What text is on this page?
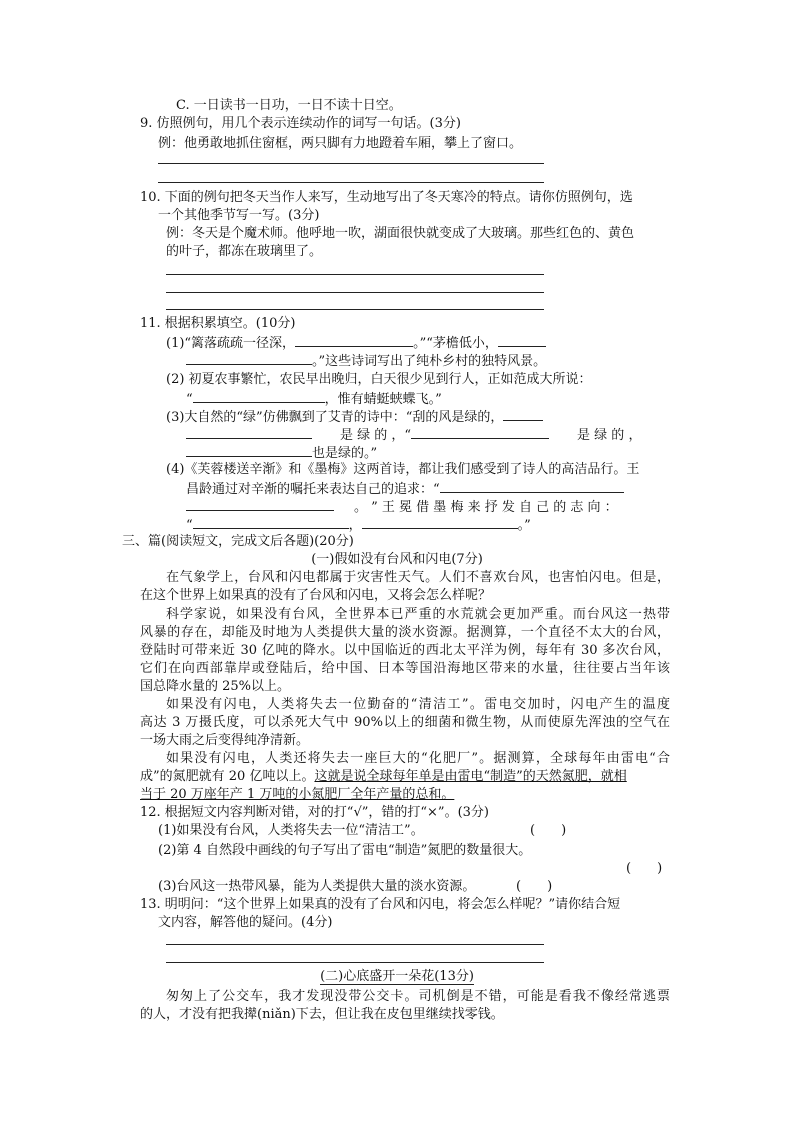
C. 一日读书一日功，一日不读十日空。
9. 仿照例句，用几个表示连续动作的词写一句话。(3分)
例：他勇敢地抓住窗框，两只脚有力地蹬着车厢，攀上了窗口。
10. 下面的例句把冬天当作人来写，生动地写出了冬天寒冷的特点。请你仿照例句，选
一个其他季节写一写。(3分)
例：冬天是个魔术师。他呼地一吹，湖面很快就变成了大玻璃。那些红色的、黄色
的叶子，都冻在玻璃里了。
11. 根据积累填空。(10分)
(1)“篱落疏疏一径深，	。”“茅檐低小，
。”这些诗词写出了纯朴乡村的独特风景。
(2) 初夏农事繁忙，农民早出晚归，白天很少见到行人，正如范成大所说：
“	，惟有蜻蜓蛱蝶飞。”
(3)大自然的“绿”仿佛飘到了艾青的诗中：“刮的风是绿的，
是 绿 的 ，“	是 绿 的 ，
也是绿的。”
(4)《芙蓉楼送辛渐》和《墨梅》这两首诗，都让我们感受到了诗人的高洁品行。王
昌龄通过对辛渐的嘱托来表达自己的追求：“
。 ” 王 冕 借 墨 梅 来 抒 发 自 己 的 志 向 ：
“	，	。”
三、篇(阅读短文，完成文后各题)(20分)
(一)假如没有台风和闪电(7分)
在气象学上，台风和闪电都属于灾害性天气。人们不喜欢台风，也害怕闪电。但是，
在这个世界上如果真的没有了台风和闪电，又将会怎么样呢？
科学家说，如果没有台风，全世界本已严重的水荒就会更加严重。而台风这一热带
风暴的存在，却能及时地为人类提供大量的淡水资源。据测算，一个直径不太大的台风，
登陆时可带来近 30 亿吨的降水。以中国临近的西北太平洋为例，每年有 30 多次台风，
它们在向西部靠岸或登陆后，给中国、日本等国沿海地区带来的水量，往往要占当年该
国总降水量的 25%以上。
如果没有闪电，人类将失去一位勤奋的“清洁工”。雷电交加时，闪电产生的温度
高达 3 万摄氏度，可以杀死大气中 90%以上的细菌和微生物，从而使原先浑浊的空气在
一场大雨之后变得纯净清新。
如果没有闪电，人类还将失去一座巨大的“化肥厂”。据测算，全球每年由雷电“合
成”的氮肥就有 20 亿吨以上。这就是说全球每年单是由雷电“制造”的天然氮肥，就相
当于 20 万座年产 1 万吨的小氮肥厂全年产量的总和。
12. 根据短文内容判断对错，对的打“√”，错的打“×”。(3分)
(1)如果没有台风，人类将失去一位“清洁工”。	(　　)
(2)第 4 自然段中画线的句子写出了雷电“制造”氮肥的数量很大。
(　　)
(3)台风这一热带风暴，能为人类提供大量的淡水资源。	(　　)
13. 明明问：“这个世界上如果真的没有了台风和闪电，将会怎么样呢？”请你结合短
文内容，解答他的疑问。(4分)
(二)心底盛开一朵花(13分)
匆匆上了公交车，我才发现没带公交卡。司机倒是不错，可能是看我不像经常逃票
的人，才没有把我撵(niǎn)下去，但让我在皮包里继续找零钱。
